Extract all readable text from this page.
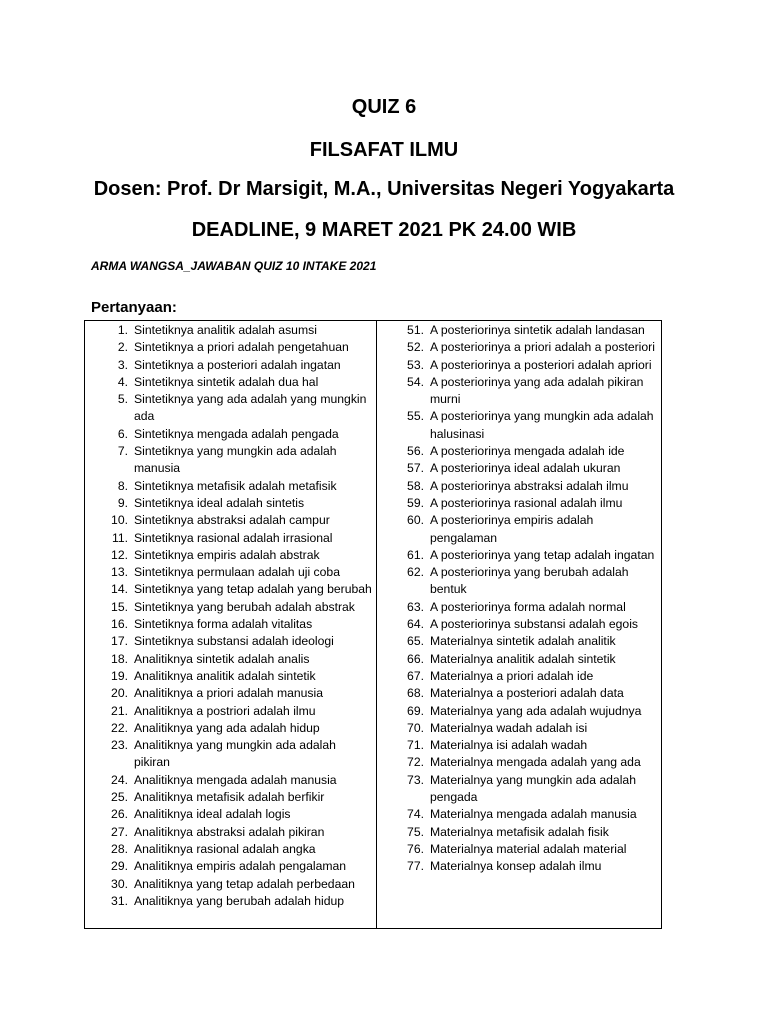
QUIZ 6
FILSAFAT ILMU
Dosen: Prof. Dr Marsigit, M.A., Universitas Negeri Yogyakarta
DEADLINE, 9 MARET 2021 PK 24.00 WIB
ARMA WANGSA_JAWABAN QUIZ 10 INTAKE 2021
Pertanyaan:
1. Sintetiknya analitik adalah asumsi
2. Sintetiknya a priori adalah pengetahuan
3. Sintetiknya a posteriori adalah ingatan
4. Sintetiknya sintetik adalah dua hal
5. Sintetiknya yang ada adalah yang mungkin ada
6. Sintetiknya mengada adalah pengada
7. Sintetiknya yang mungkin ada adalah manusia
8. Sintetiknya metafisik adalah metafisik
9. Sintetiknya ideal adalah sintetis
10. Sintetiknya abstraksi adalah campur
11. Sintetiknya rasional adalah irrasional
12. Sintetiknya empiris adalah abstrak
13. Sintetiknya permulaan adalah uji coba
14. Sintetiknya yang tetap adalah yang berubah
15. Sintetiknya yang berubah adalah abstrak
16. Sintetiknya forma adalah vitalitas
17. Sintetiknya substansi adalah ideologi
18. Analitiknya sintetik adalah analis
19. Analitiknya analitik adalah sintetik
20. Analitiknya a priori adalah manusia
21. Analitiknya a postriori adalah ilmu
22. Analitiknya yang ada adalah hidup
23. Analitiknya yang mungkin ada adalah pikiran
24. Analitiknya mengada adalah manusia
25. Analitiknya metafisik adalah berfikir
26. Analitiknya ideal adalah logis
27. Analitiknya abstraksi adalah pikiran
28. Analitiknya rasional adalah angka
29. Analitiknya empiris adalah pengalaman
30. Analitiknya yang tetap adalah perbedaan
31. Analitiknya yang berubah adalah hidup
51. A posteriorinya sintetik adalah landasan
52. A posteriorinya a priori adalah a posteriori
53. A posteriorinya a posteriori adalah apriori
54. A posteriorinya yang ada adalah pikiran murni
55. A posteriorinya yang mungkin ada adalah halusinasi
56. A posteriorinya mengada adalah ide
57. A posteriorinya ideal adalah ukuran
58. A posteriorinya abstraksi adalah ilmu
59. A posteriorinya rasional adalah ilmu
60. A posteriorinya empiris adalah pengalaman
61. A posteriorinya yang tetap adalah ingatan
62. A posteriorinya yang berubah adalah bentuk
63. A posteriorinya forma adalah normal
64. A posteriorinya substansi adalah egois
65. Materialnya sintetik adalah analitik
66. Materialnya analitik adalah sintetik
67. Materialnya a priori adalah ide
68. Materialnya a posteriori adalah data
69. Materialnya yang ada adalah wujudnya
70. Materialnya wadah adalah isi
71. Materialnya isi adalah wadah
72. Materialnya mengada adalah yang ada
73. Materialnya yang mungkin ada adalah pengada
74. Materialnya mengada adalah manusia
75. Materialnya metafisik adalah fisik
76. Materialnya material adalah material
77. Materialnya konsep adalah ilmu
